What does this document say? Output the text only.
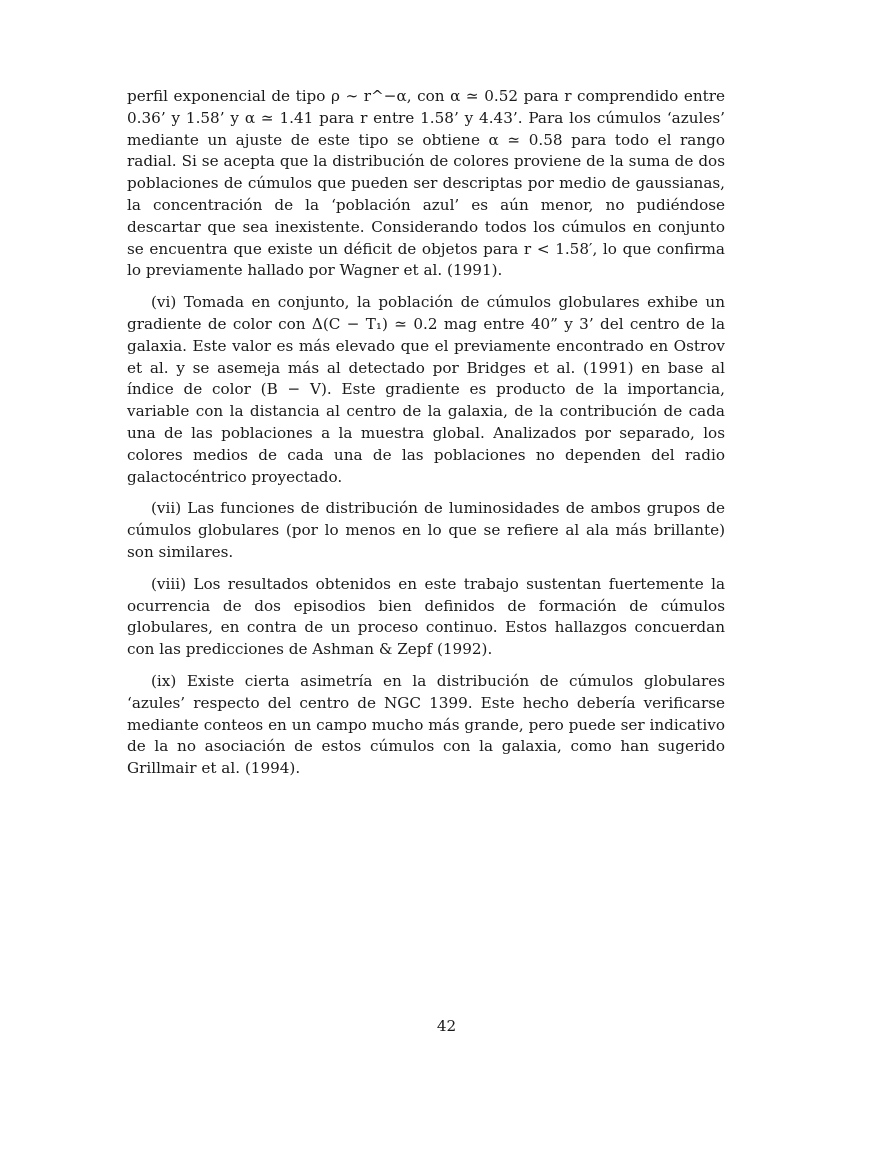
perfil exponencial de tipo ρ ∼ r^−α, con α ≃ 0.52 para r comprendido entre 0.36’ y 1.58’ y α ≃ 1.41 para r entre 1.58’ y 4.43’. Para los cúmulos ‘azules’ mediante un ajuste de este tipo se obtiene α ≃ 0.58 para todo el rango radial. Si se acepta que la distribución de colores proviene de la suma de dos poblaciones de cúmulos que pueden ser descriptas por medio de gaussianas, la concentración de la ‘población azul’ es aún menor, no pudiéndose descartar que sea inexistente. Considerando todos los cúmulos en conjunto se encuentra que existe un déficit de objetos para r < 1.58′, lo que confirma lo previamente hallado por Wagner et al. (1991).

(vi) Tomada en conjunto, la población de cúmulos globulares exhibe un gradiente de color con Δ(C − T₁) ≃ 0.2 mag entre 40” y 3’ del centro de la galaxia. Este valor es más elevado que el previamente encontrado en Ostrov et al. y se asemeja más al detectado por Bridges et al. (1991) en base al índice de color (B − V). Este gradiente es producto de la importancia, variable con la distancia al centro de la galaxia, de la contribución de cada una de las poblaciones a la muestra global. Analizados por separado, los colores medios de cada una de las poblaciones no dependen del radio galactocéntrico proyectado.

(vii) Las funciones de distribución de luminosidades de ambos grupos de cúmulos globulares (por lo menos en lo que se refiere al ala más brillante) son similares.

(viii) Los resultados obtenidos en este trabajo sustentan fuertemente la ocurrencia de dos episodios bien definidos de formación de cúmulos globulares, en contra de un proceso continuo. Estos hallazgos concuerdan con las predicciones de Ashman & Zepf (1992).

(ix) Existe cierta asimetría en la distribución de cúmulos globulares ‘azules’ respecto del centro de NGC 1399. Este hecho debería verificarse mediante conteos en un campo mucho más grande, pero puede ser indicativo de la no asociación de estos cúmulos con la galaxia, como han sugerido Grillmair et al. (1994).

42
